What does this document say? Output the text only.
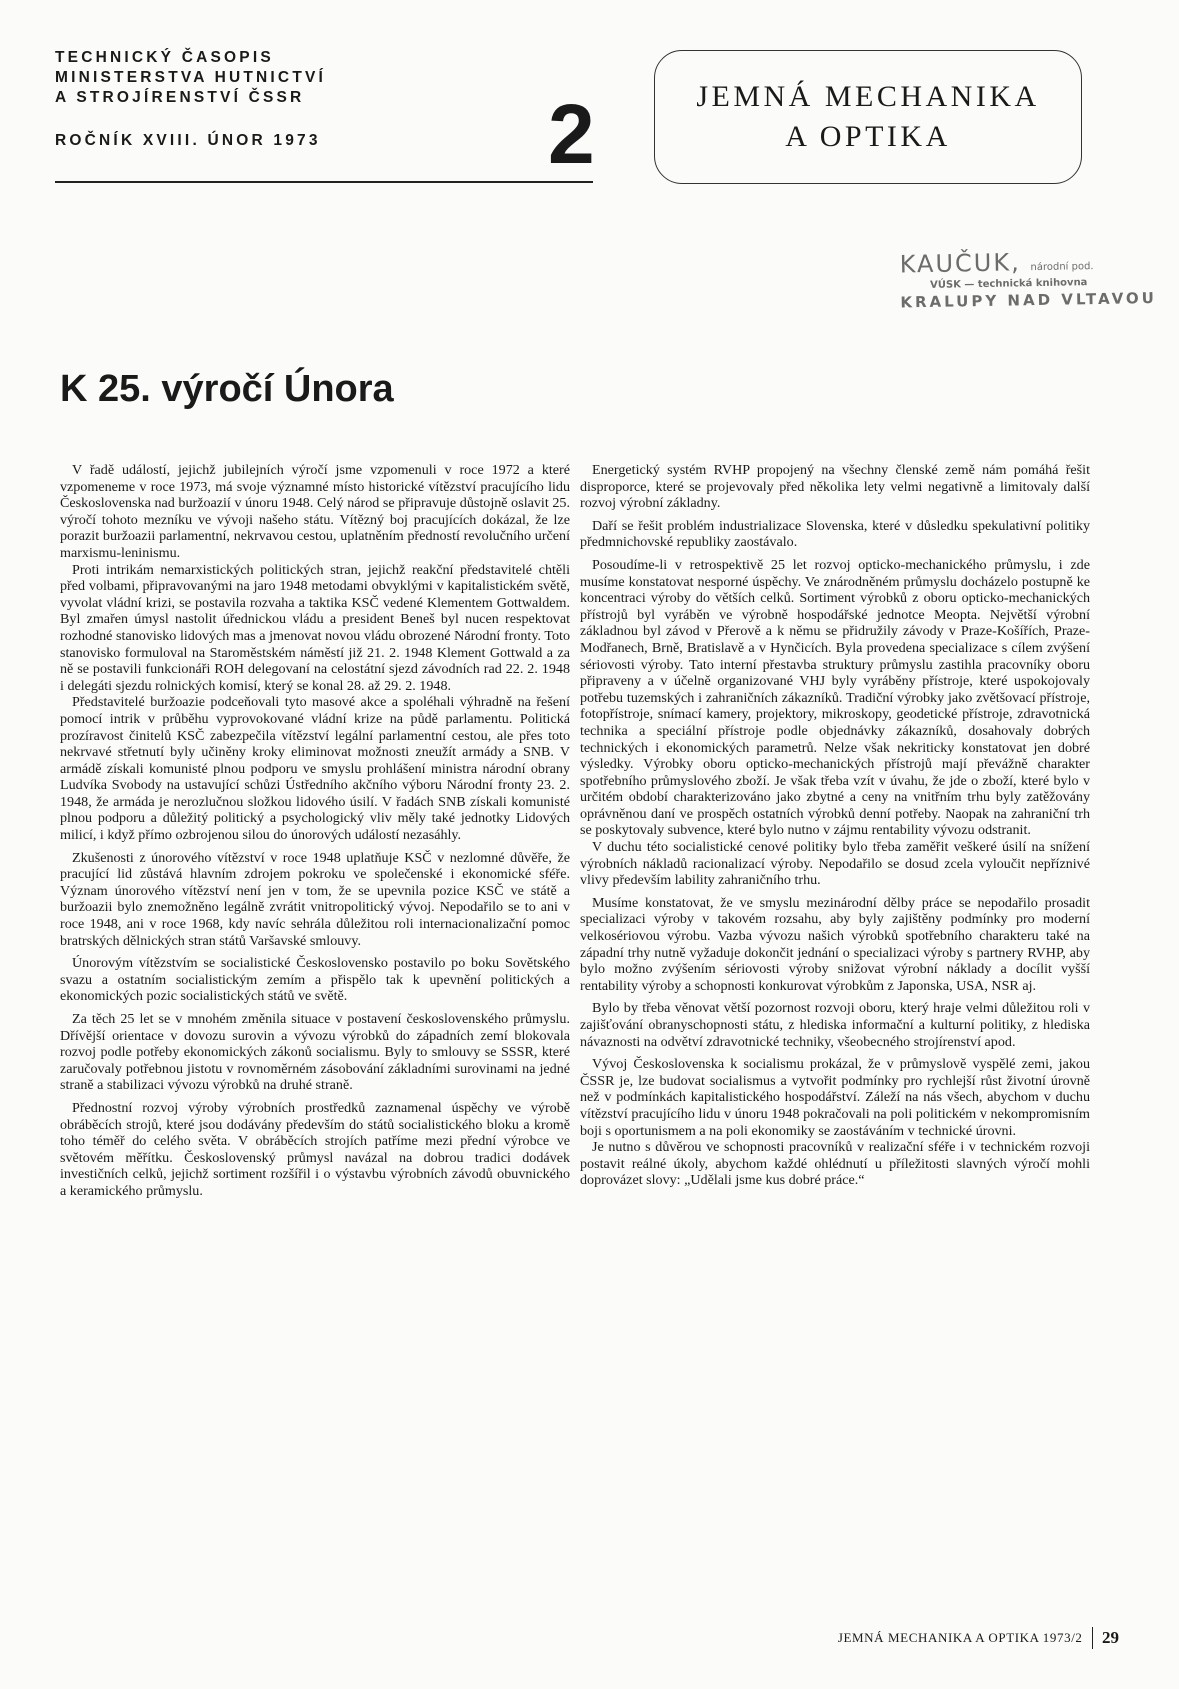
TECHNICKÝ ČASOPIS
MINISTERSTVA HUTNICTVÍ
A STROJÍRENSTVÍ ČSSR
ROČNÍK XVIII. ÚNOR 1973	2	JEMNÁ MECHANIKA
A OPTIKA
KAUČUK, národní pod.
VÚSK — technická knihovna
KRALUPY NAD VLTAVOU
K 25. výročí Února

V řadě událostí, jejichž jubilejních výročí jsme vzpomenuli v roce 1972 a které vzpomeneme v roce 1973, má svoje významné místo historické vítězství pracujícího lidu Československa nad buržoazií v únoru 1948. Celý národ se připravuje důstojně oslavit 25. výročí tohoto mezníku ve vývoji našeho státu. Vítězný boj pracujících dokázal, že lze porazit buržoazii parlamentní, nekrvavou cestou, uplatněním předností revolučního určení marxismu-leninismu.

Proti intrikám nemarxistických politických stran, jejichž reakční představitelé chtěli před volbami, připravovanými na jaro 1948 metodami obvyklými v kapitalistickém světě, vyvolat vládní krizi, se postavila rozvaha a taktika KSČ vedené Klementem Gottwaldem. Byl zmařen úmysl nastolit úřednickou vládu a president Beneš byl nucen respektovat rozhodné stanovisko lidových mas a jmenovat novou vládu obrozené Národní fronty. Toto stanovisko formuloval na Staroměstském náměstí již 21. 2. 1948 Klement Gottwald a za ně se postavili funkcionáři ROH delegovaní na celostátní sjezd závodních rad 22. 2. 1948 i delegáti sjezdu rolnických komisí, který se konal 28. až 29. 2. 1948.

Představitelé buržoazie podceňovali tyto masové akce a spoléhali výhradně na řešení pomocí intrik v průběhu vyprovokované vládní krize na půdě parlamentu. Politická prozíravost činitelů KSČ zabezpečila vítězství legální parlamentní cestou, ale přes toto nekrvavé střetnutí byly učiněny kroky eliminovat možnosti zneužít armády a SNB. V armádě získali komunisté plnou podporu ve smyslu prohlášení ministra národní obrany Ludvíka Svobody na ustavující schůzi Ústředního akčního výboru Národní fronty 23. 2. 1948, že armáda je nerozlučnou složkou lidového úsilí. V řadách SNB získali komunisté plnou podporu a důležitý politický a psychologický vliv měly také jednotky Lidových milicí, i když přímo ozbrojenou silou do únorových událostí nezasáhly.

Zkušenosti z únorového vítězství v roce 1948 uplatňuje KSČ v nezlomné důvěře, že pracující lid zůstává hlavním zdrojem pokroku ve společenské i ekonomické sféře. Význam únorového vítězství není jen v tom, že se upevnila pozice KSČ ve státě a buržoazii bylo znemožněno legálně zvrátit vnitropolitický vývoj. Nepodařilo se to ani v roce 1948, ani v roce 1968, kdy navíc sehrála důležitou roli internacionalizační pomoc bratrských dělnických stran států Varšavské smlouvy.

Únorovým vítězstvím se socialistické Československo postavilo po boku Sovětského svazu a ostatním socialistickým zemím a přispělo tak k upevnění politických a ekonomických pozic socialistických států ve světě.

Za těch 25 let se v mnohém změnila situace v postavení československého průmyslu. Dřívější orientace v dovozu surovin a vývozu výrobků do západních zemí blokovala rozvoj podle potřeby ekonomických zákonů socialismu. Byly to smlouvy se SSSR, které zaručovaly potřebnou jistotu v rovnoměrném zásobování základními surovinami na jedné straně a stabilizaci vývozu výrobků na druhé straně.

Přednostní rozvoj výroby výrobních prostředků zaznamenal úspěchy ve výrobě obráběcích strojů, které jsou dodávány především do států socialistického bloku a kromě toho téměř do celého světa. V obráběcích strojích patříme mezi přední výrobce ve světovém měřítku. Československý průmysl navázal na dobrou tradici dodávek investičních celků, jejichž sortiment rozšířil i o výstavbu výrobních závodů obuvnického a keramického průmyslu.

Energetický systém RVHP propojený na všechny členské země nám pomáhá řešit disproporce, které se projevovaly před několika lety velmi negativně a limitovaly další rozvoj výrobní základny.

Daří se řešit problém industrializace Slovenska, které v důsledku spekulativní politiky předmnichovské republiky zaostávalo.

Posoudíme-li v retrospektivě 25 let rozvoj opticko-mechanického průmyslu, i zde musíme konstatovat nesporné úspěchy. Ve znárodněném průmyslu docházelo postupně ke koncentraci výroby do větších celků. Sortiment výrobků z oboru opticko-mechanických přístrojů byl vyráběn ve výrobně hospodářské jednotce Meopta. Největší výrobní základnou byl závod v Přerově a k němu se přidružily závody v Praze-Košířích, Praze-Modřanech, Brně, Bratislavě a v Hynčicích. Byla provedena specializace s cílem zvýšení sériovosti výroby. Tato interní přestavba struktury průmyslu zastihla pracovníky oboru připraveny a v účelně organizované VHJ byly vyráběny přístroje, které uspokojovaly potřebu tuzemských i zahraničních zákazníků. Tradiční výrobky jako zvětšovací přístroje, fotopřístroje, snímací kamery, projektory, mikroskopy, geodetické přístroje, zdravotnická technika a speciální přístroje podle objednávky zákazníků, dosahovaly dobrých technických i ekonomických parametrů. Nelze však nekriticky konstatovat jen dobré výsledky. Výrobky oboru opticko-mechanických přístrojů mají převážně charakter spotřebního průmyslového zboží. Je však třeba vzít v úvahu, že jde o zboží, které bylo v určitém období charakterizováno jako zbytné a ceny na vnitřním trhu byly zatěžovány oprávněnou daní ve prospěch ostatních výrobků denní potřeby. Naopak na zahraniční trh se poskytovaly subvence, které bylo nutno v zájmu rentability vývozu odstranit.

V duchu této socialistické cenové politiky bylo třeba zaměřit veškeré úsilí na snížení výrobních nákladů racionalizací výroby. Nepodařilo se dosud zcela vyloučit nepříznivé vlivy především lability zahraničního trhu.

Musíme konstatovat, že ve smyslu mezinárodní dělby práce se nepodařilo prosadit specializaci výroby v takovém rozsahu, aby byly zajištěny podmínky pro moderní velkosériovou výrobu. Vazba vývozu našich výrobků spotřebního charakteru také na západní trhy nutně vyžaduje dokončit jednání o specializaci výroby s partnery RVHP, aby bylo možno zvýšením sériovosti výroby snižovat výrobní náklady a docílit vyšší rentability výroby a schopnosti konkurovat výrobkům z Japonska, USA, NSR aj.

Bylo by třeba věnovat větší pozornost rozvoji oboru, který hraje velmi důležitou roli v zajišťování obranyschopnosti státu, z hlediska informační a kulturní politiky, z hlediska návaznosti na odvětví zdravotnické techniky, všeobecného strojírenství apod.

Vývoj Československa k socialismu prokázal, že v průmyslově vyspělé zemi, jakou ČSSR je, lze budovat socialismus a vytvořit podmínky pro rychlejší růst životní úrovně než v podmínkách kapitalistického hospodářství. Záleží na nás všech, abychom v duchu vítězství pracujícího lidu v únoru 1948 pokračovali na poli politickém v nekompromisním boji s oportunismem a na poli ekonomiky se zaostáváním v technické úrovni.

Je nutno s důvěrou ve schopnosti pracovníků v realizační sféře i v technickém rozvoji postavit reálné úkoly, abychom každé ohlédnutí u příležitosti slavných výročí mohli doprovázet slovy: „Udělali jsme kus dobré práce.“

JEMNÁ MECHANIKA A OPTIKA 1973/2 29
